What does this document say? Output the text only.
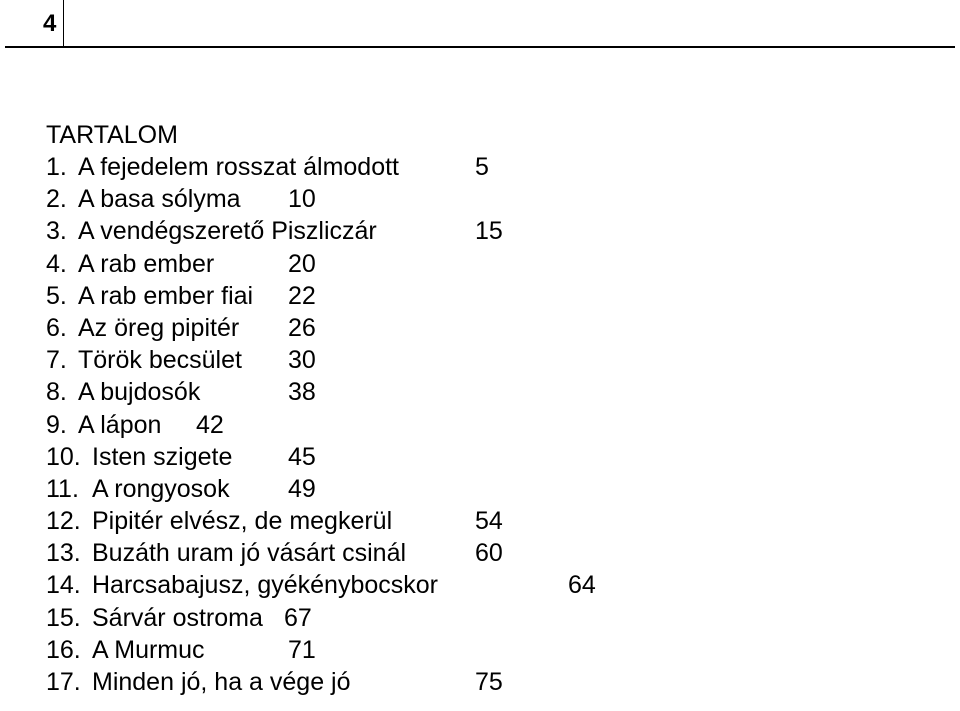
4
TARTALOM
1. A fejedelem rosszat álmodott	5
2. A basa sólyma 10
3. A vendégszerető Piszliczár	15
4. A rab ember	20
5. A rab ember fiai 22
6. Az öreg pipitér 26
7. Török becsület 30
8. A bujdosók	38
9. A lápon 42
10. Isten szigete 45
11. A rongyosok 49
12. Pipitér elvész, de megkerül	54
13. Buzáth uram jó vásárt csinál	60
14. Harcsabajusz, gyékénybocskor	64
15. Sárvár ostroma 67
16. A Murmuc	71
17. Minden jó, ha a vége jó	75
